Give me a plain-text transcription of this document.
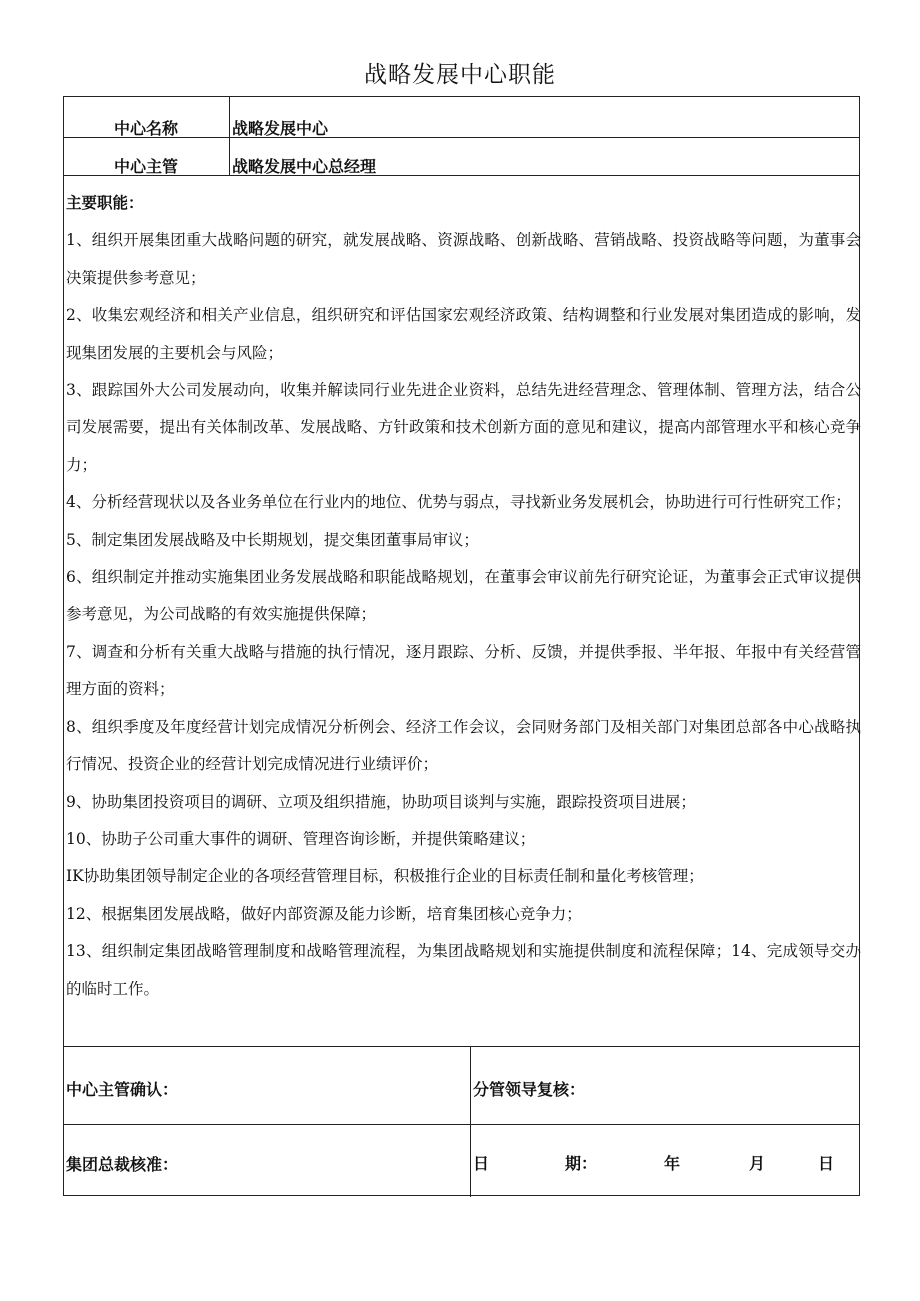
战略发展中心职能
中心名称	战略发展中心
中心主管	战略发展中心总经理

主要职能：

1、组织开展集团重大战略问题的研究，就发展战略、资源战略、创新战略、营销战略、投资战略等问题，为董事会决策提供参考意见；

2、收集宏观经济和相关产业信息，组织研究和评估国家宏观经济政策、结构调整和行业发展对集团造成的影响，发现集团发展的主要机会与风险；

3、跟踪国外大公司发展动向，收集并解读同行业先进企业资料，总结先进经营理念、管理体制、管理方法，结合公司发展需要，提出有关体制改革、发展战略、方针政策和技术创新方面的意见和建议，提高内部管理水平和核心竞争力；

4、分析经营现状以及各业务单位在行业内的地位、优势与弱点，寻找新业务发展机会，协助进行可行性研究工作；

5、制定集团发展战略及中长期规划，提交集团董事局审议；

6、组织制定并推动实施集团业务发展战略和职能战略规划，在董事会审议前先行研究论证，为董事会正式审议提供参考意见，为公司战略的有效实施提供保障；

7、调查和分析有关重大战略与措施的执行情况，逐月跟踪、分析、反馈，并提供季报、半年报、年报中有关经营管理方面的资料；

8、组织季度及年度经营计划完成情况分析例会、经济工作会议，会同财务部门及相关部门对集团总部各中心战略执行情况、投资企业的经营计划完成情况进行业绩评价；

9、协助集团投资项目的调研、立项及组织措施，协助项目谈判与实施，跟踪投资项目进展；

10、协助子公司重大事件的调研、管理咨询诊断，并提供策略建议；

IK协助集团领导制定企业的各项经营管理目标，积极推行企业的目标责任制和量化考核管理；

12、根据集团发展战略，做好内部资源及能力诊断，培育集团核心竞争力；

13、组织制定集团战略管理制度和战略管理流程，为集团战略规划和实施提供制度和流程保障；14、完成领导交办的临时工作。

中心主管确认：	分管领导复核：
集团总裁核准：	日	期：	年	月	日
